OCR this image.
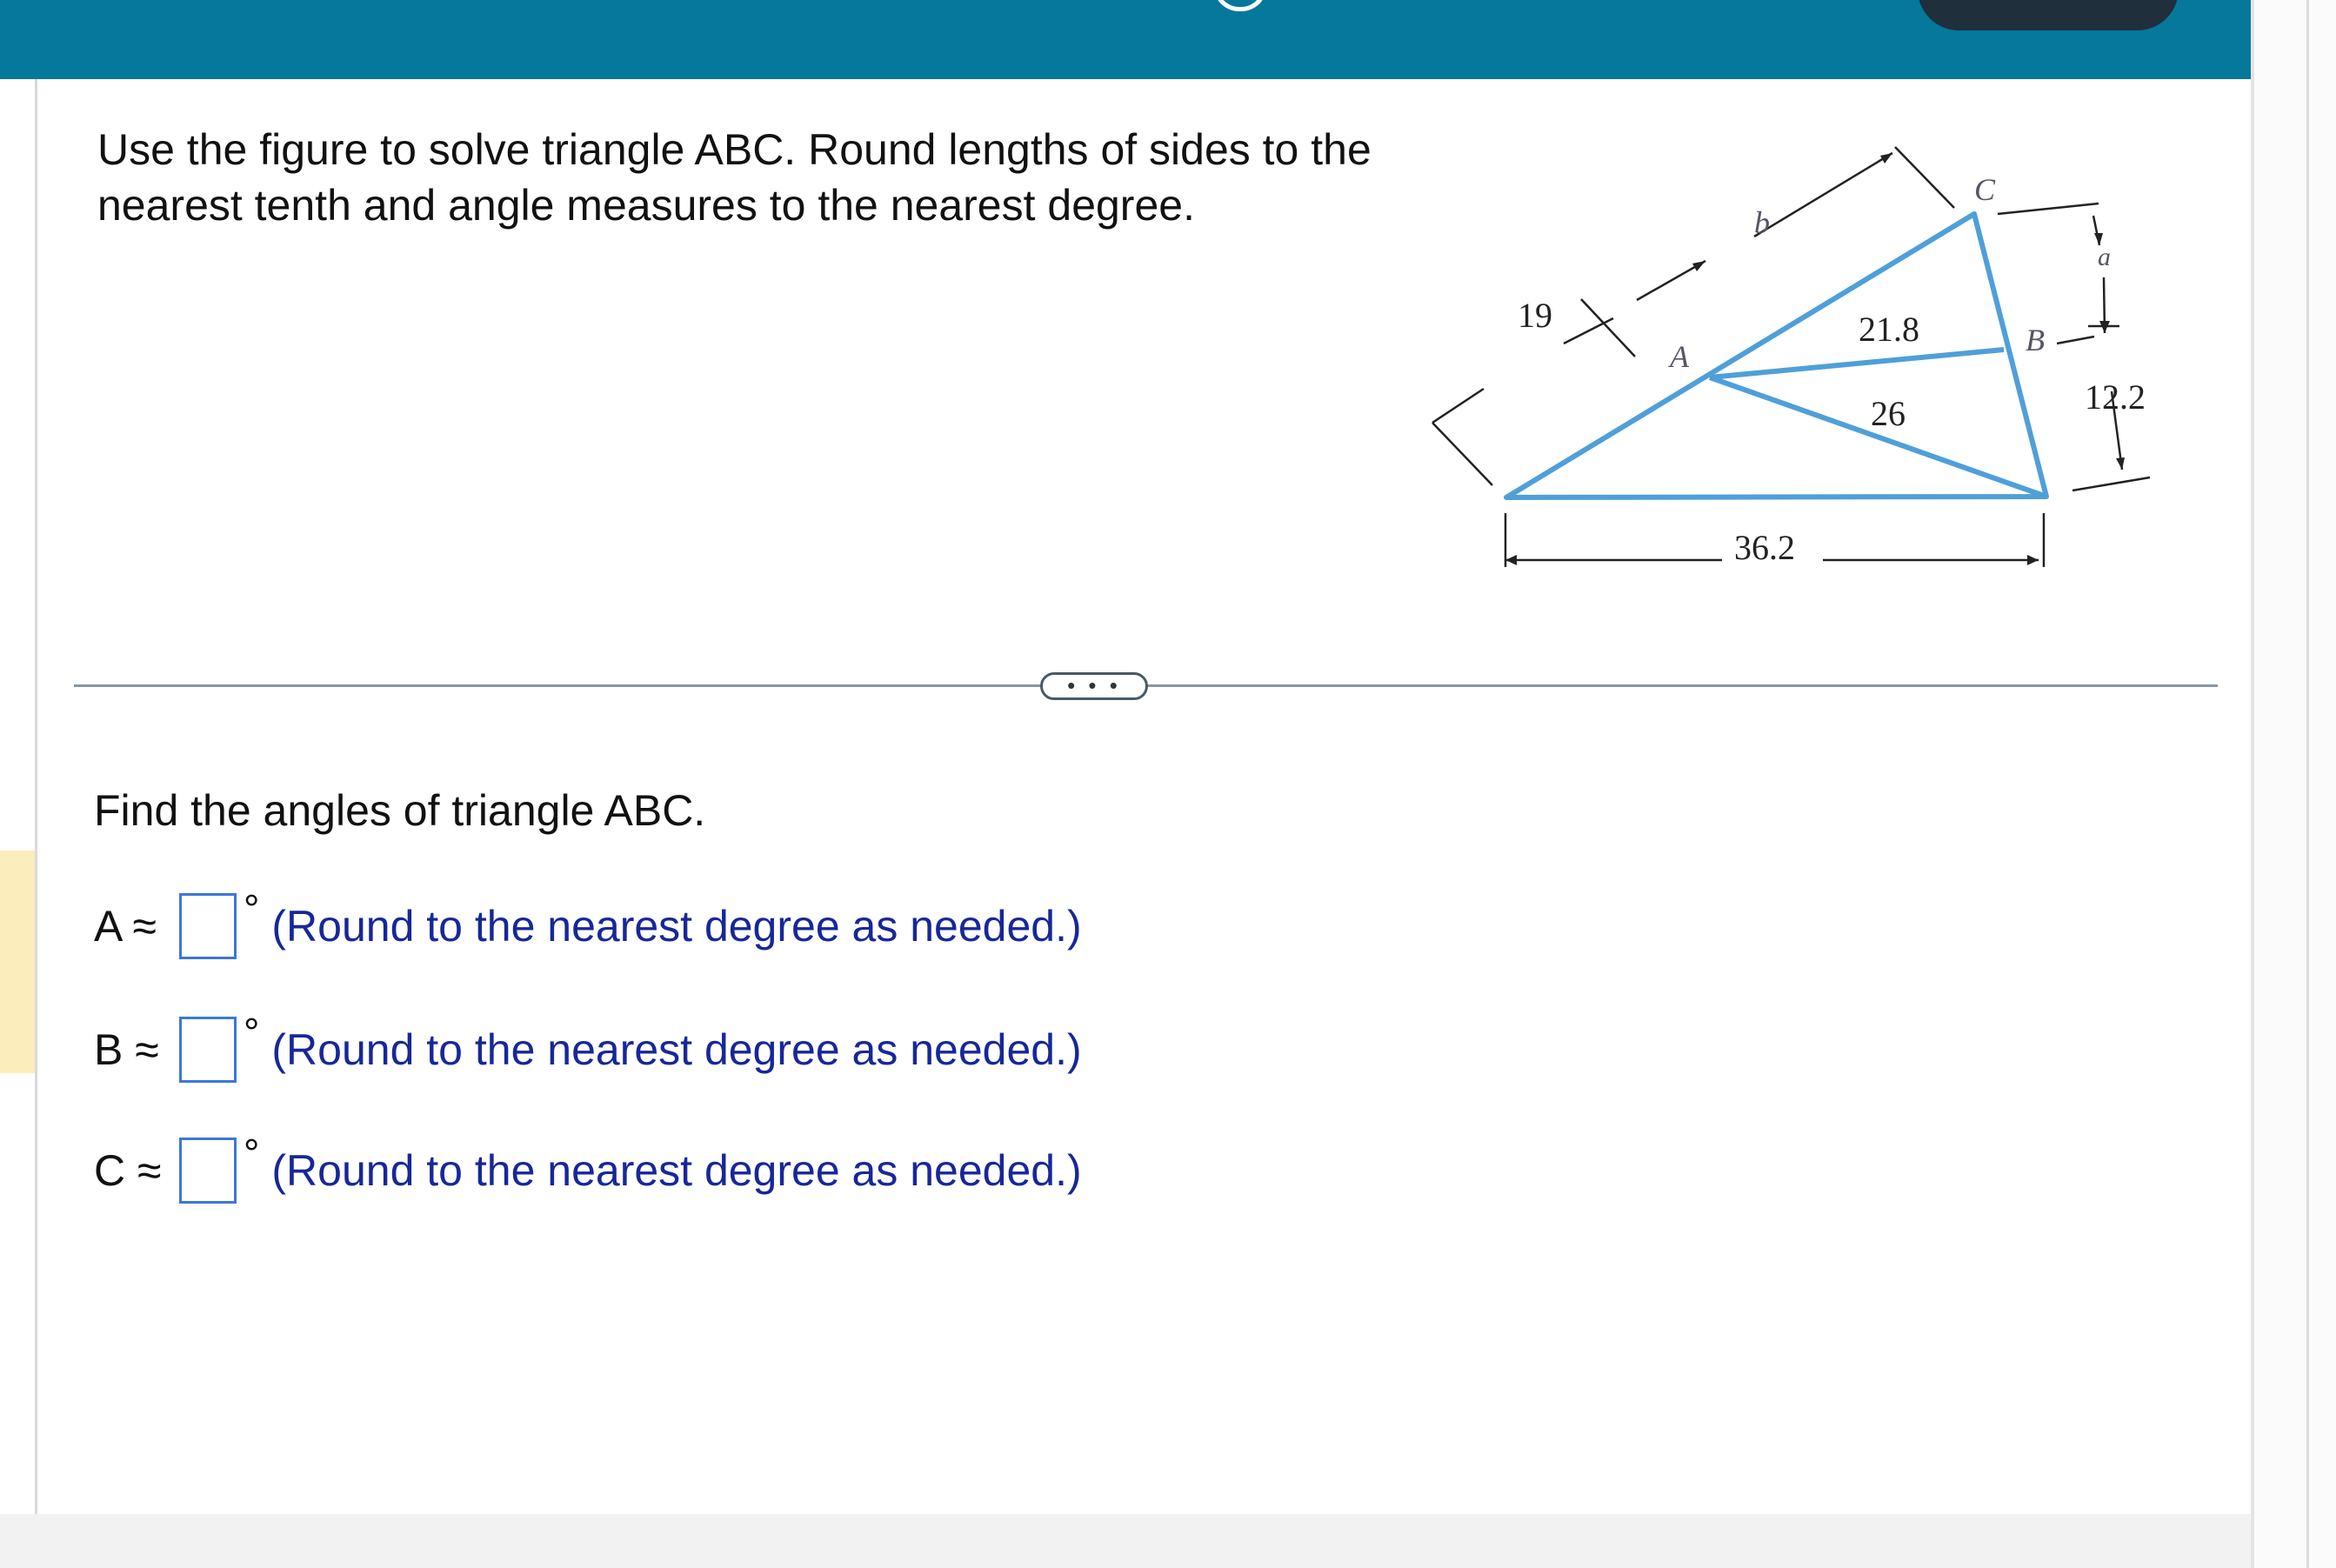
Use the figure to solve triangle ABC. Round lengths of sides to the nearest tenth and angle measures to the nearest degree.

19	21.8
26
36.2
12.2
A	B
C
b
a
• • •

Find the angles of triangle ABC.

A ≈	° (Round to the nearest degree as needed.)
B ≈	° (Round to the nearest degree as needed.)
C ≈	° (Round to the nearest degree as needed.)
